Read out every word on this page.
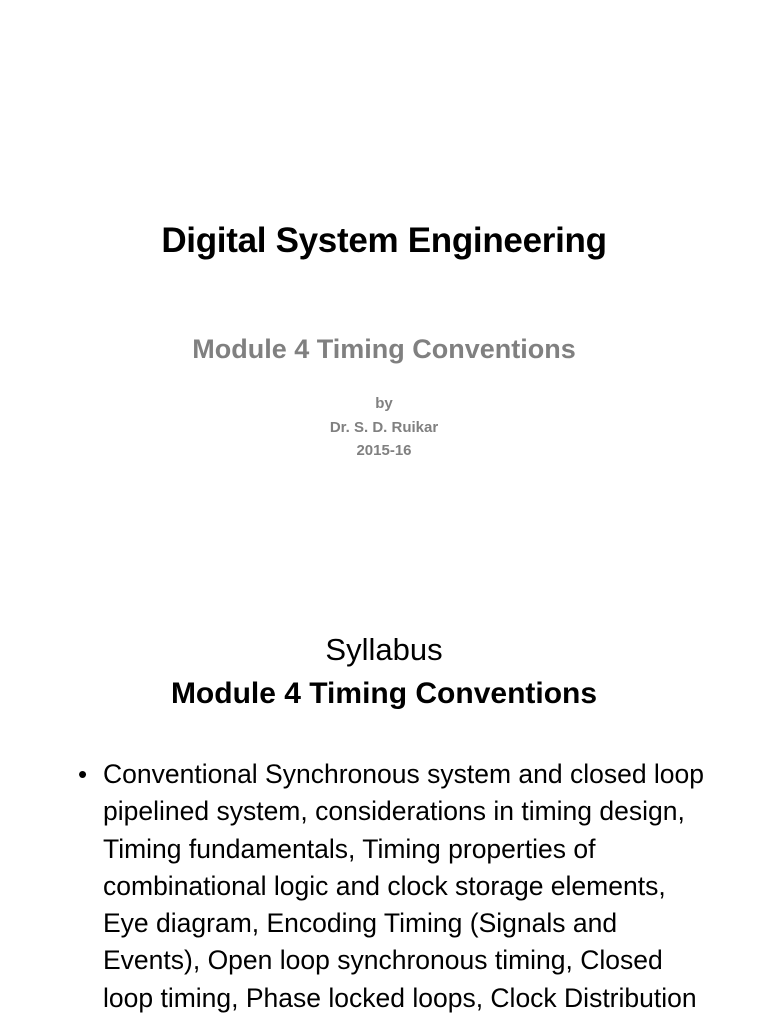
Digital System Engineering
Module 4 Timing Conventions
by
Dr. S. D. Ruikar
2015-16
Syllabus
Module 4 Timing Conventions
• Conventional Synchronous system and closed loop pipelined system, considerations in timing design, Timing fundamentals, Timing properties of combinational logic and clock storage elements, Eye diagram, Encoding Timing (Signals and Events), Open loop synchronous timing, Closed loop timing, Phase locked loops, Clock Distribution
